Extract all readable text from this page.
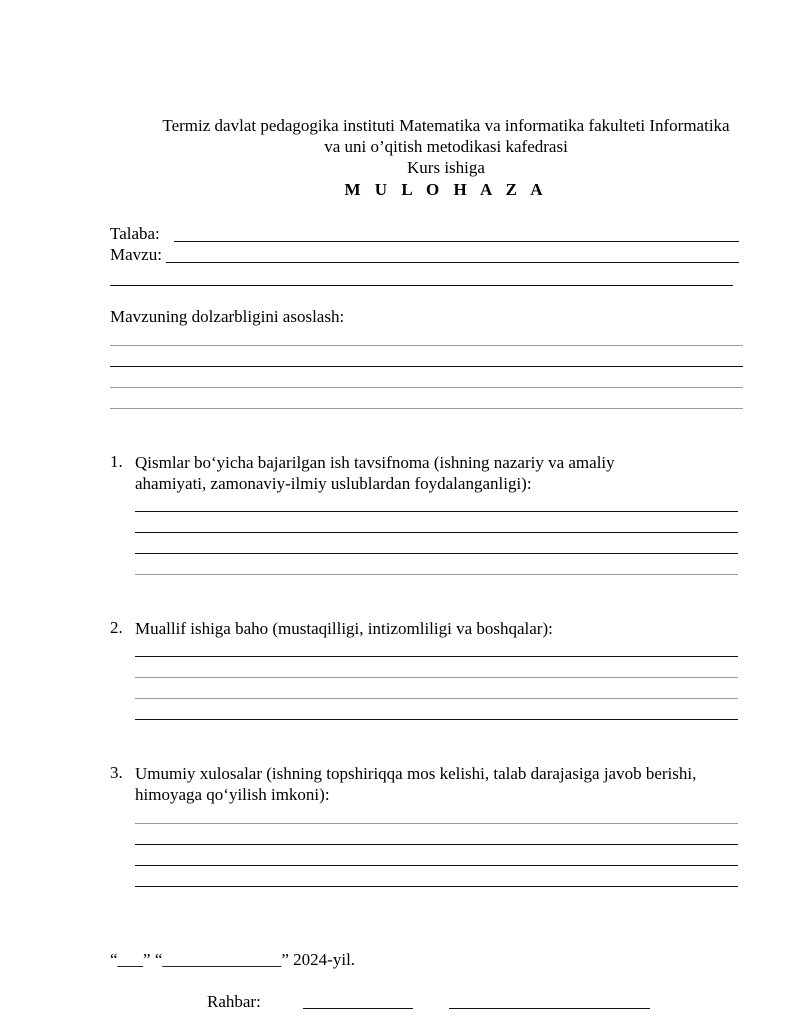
Termiz davlat pedagogika instituti Matematika va informatika fakulteti Informatika
va uni o’qitish metodikasi kafedrasi
Kurs ishiga
M U L O H A Z A
Talaba:
Mavzu:
Mavzuning dolzarbligini asoslash:
1. Qismlar bo‘yicha bajarilgan ish tavsifnoma (ishning nazariy va amaliy
ahamiyati, zamonaviy-ilmiy uslublardan foydalanganligi):
2. Muallif ishiga baho (mustaqilligi, intizomliligi va boshqalar):
3. Umumiy xulosalar (ishning topshiriqqa mos kelishi, talab darajasiga javob berishi,
himoyaga qo‘yilish imkoni):
“___” “______________” 2024-yil.
Rahbar:
